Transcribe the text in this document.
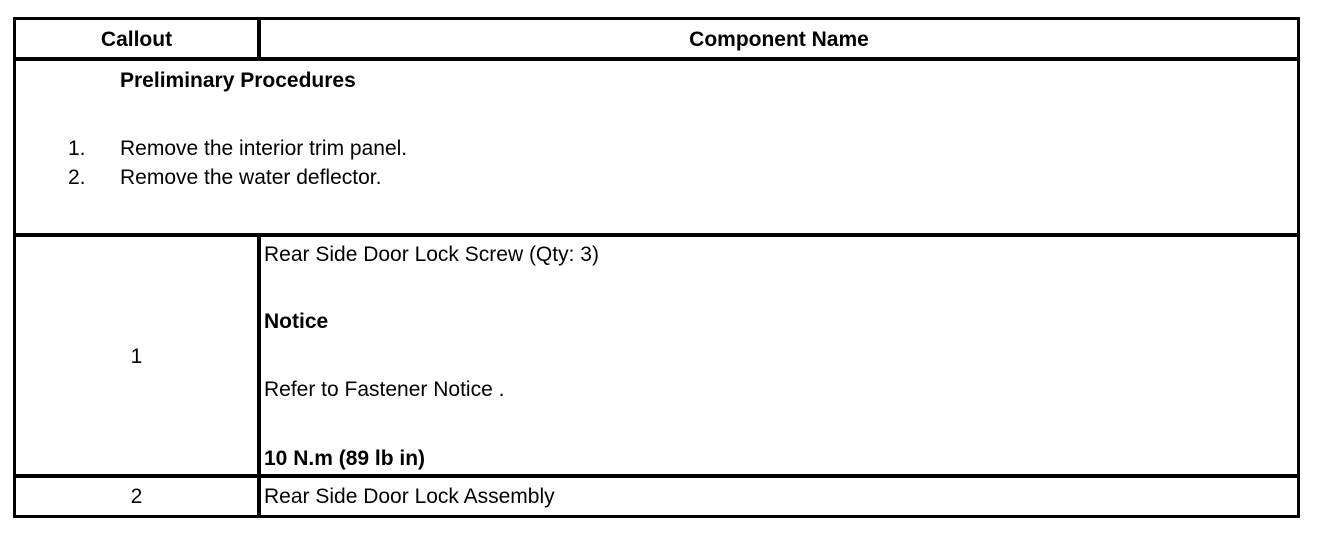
Callout	Component Name
Preliminary Procedures
1. Remove the interior trim panel.
2. Remove the water deflector.
1
Rear Side Door Lock Screw (Qty: 3)
Notice
Refer to Fastener Notice .
10 N.m (89 lb in)
2	Rear Side Door Lock Assembly
